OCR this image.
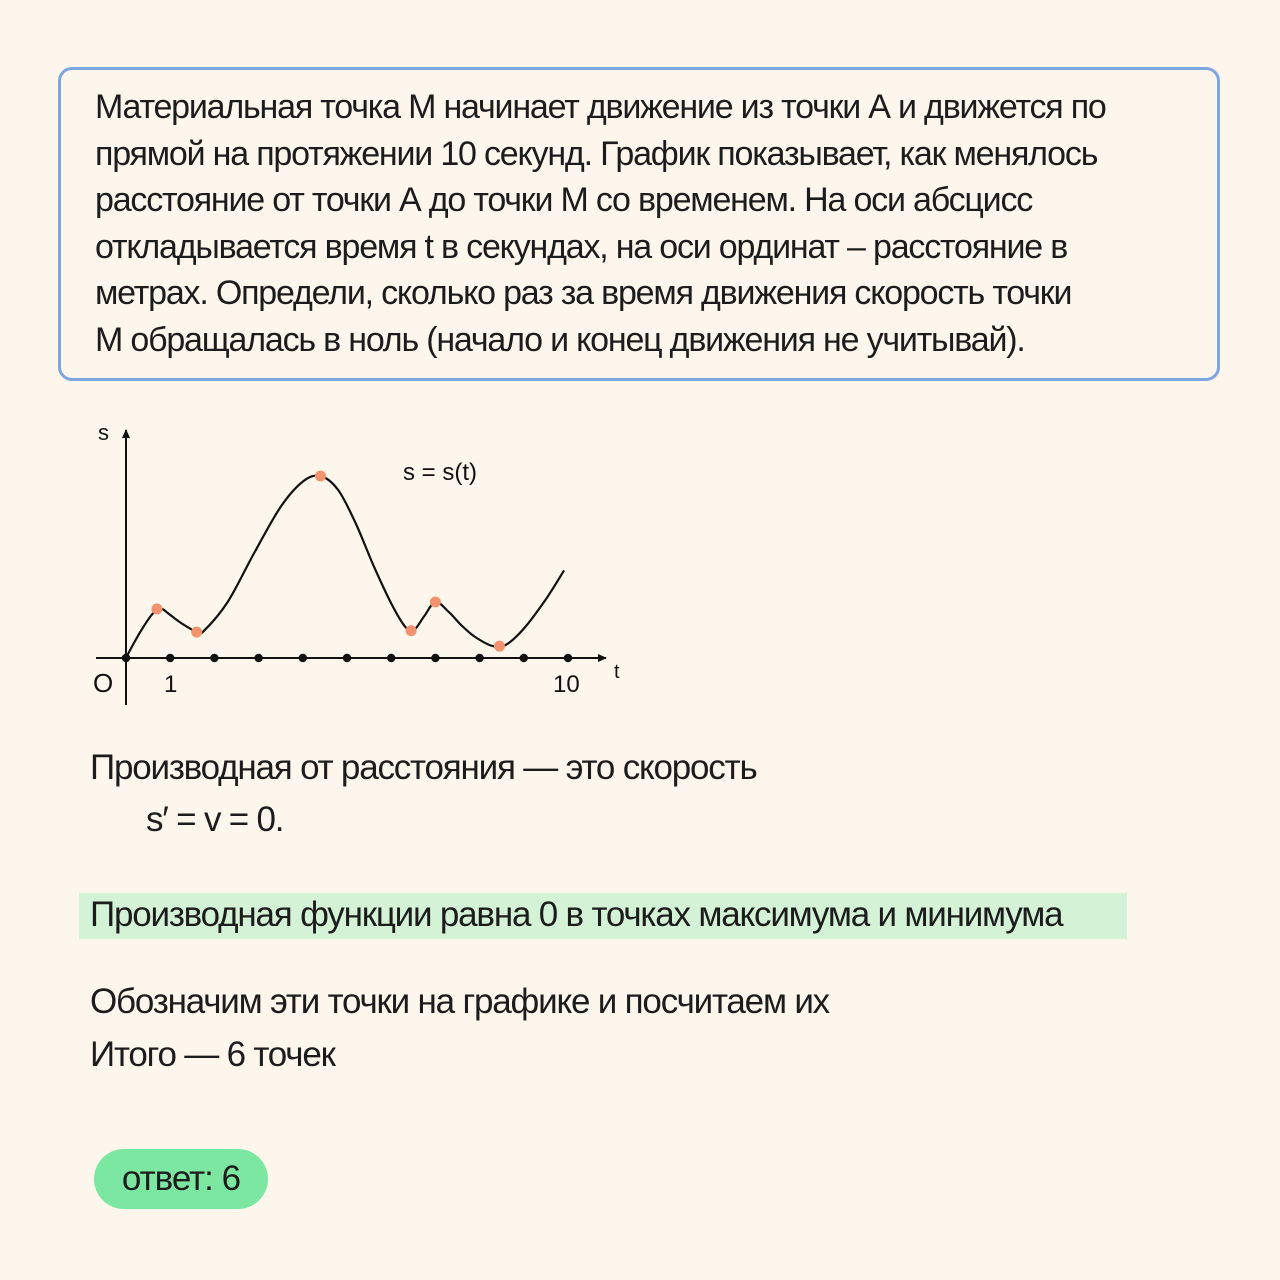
Материальная точка М начинает движение из точки А и движется по
прямой на протяжении 10 секунд. График показывает, как менялось
расстояние от точки А до точки М со временем. На оси абсцисс
откладывается время t в секундах, на оси ординат – расстояние в
метрах. Определи, сколько раз за время движения скорость точки
М обращалась в ноль (начало и конец движения не учитывай).

s
t
O 1	10
s = s(t)

Производная от расстояния — это скорость

s′ = v = 0.

Производная функции равна 0 в точках максимума и минимума

Обозначим эти точки на графике и посчитаем их

Итого — 6 точек

ответ: 6
